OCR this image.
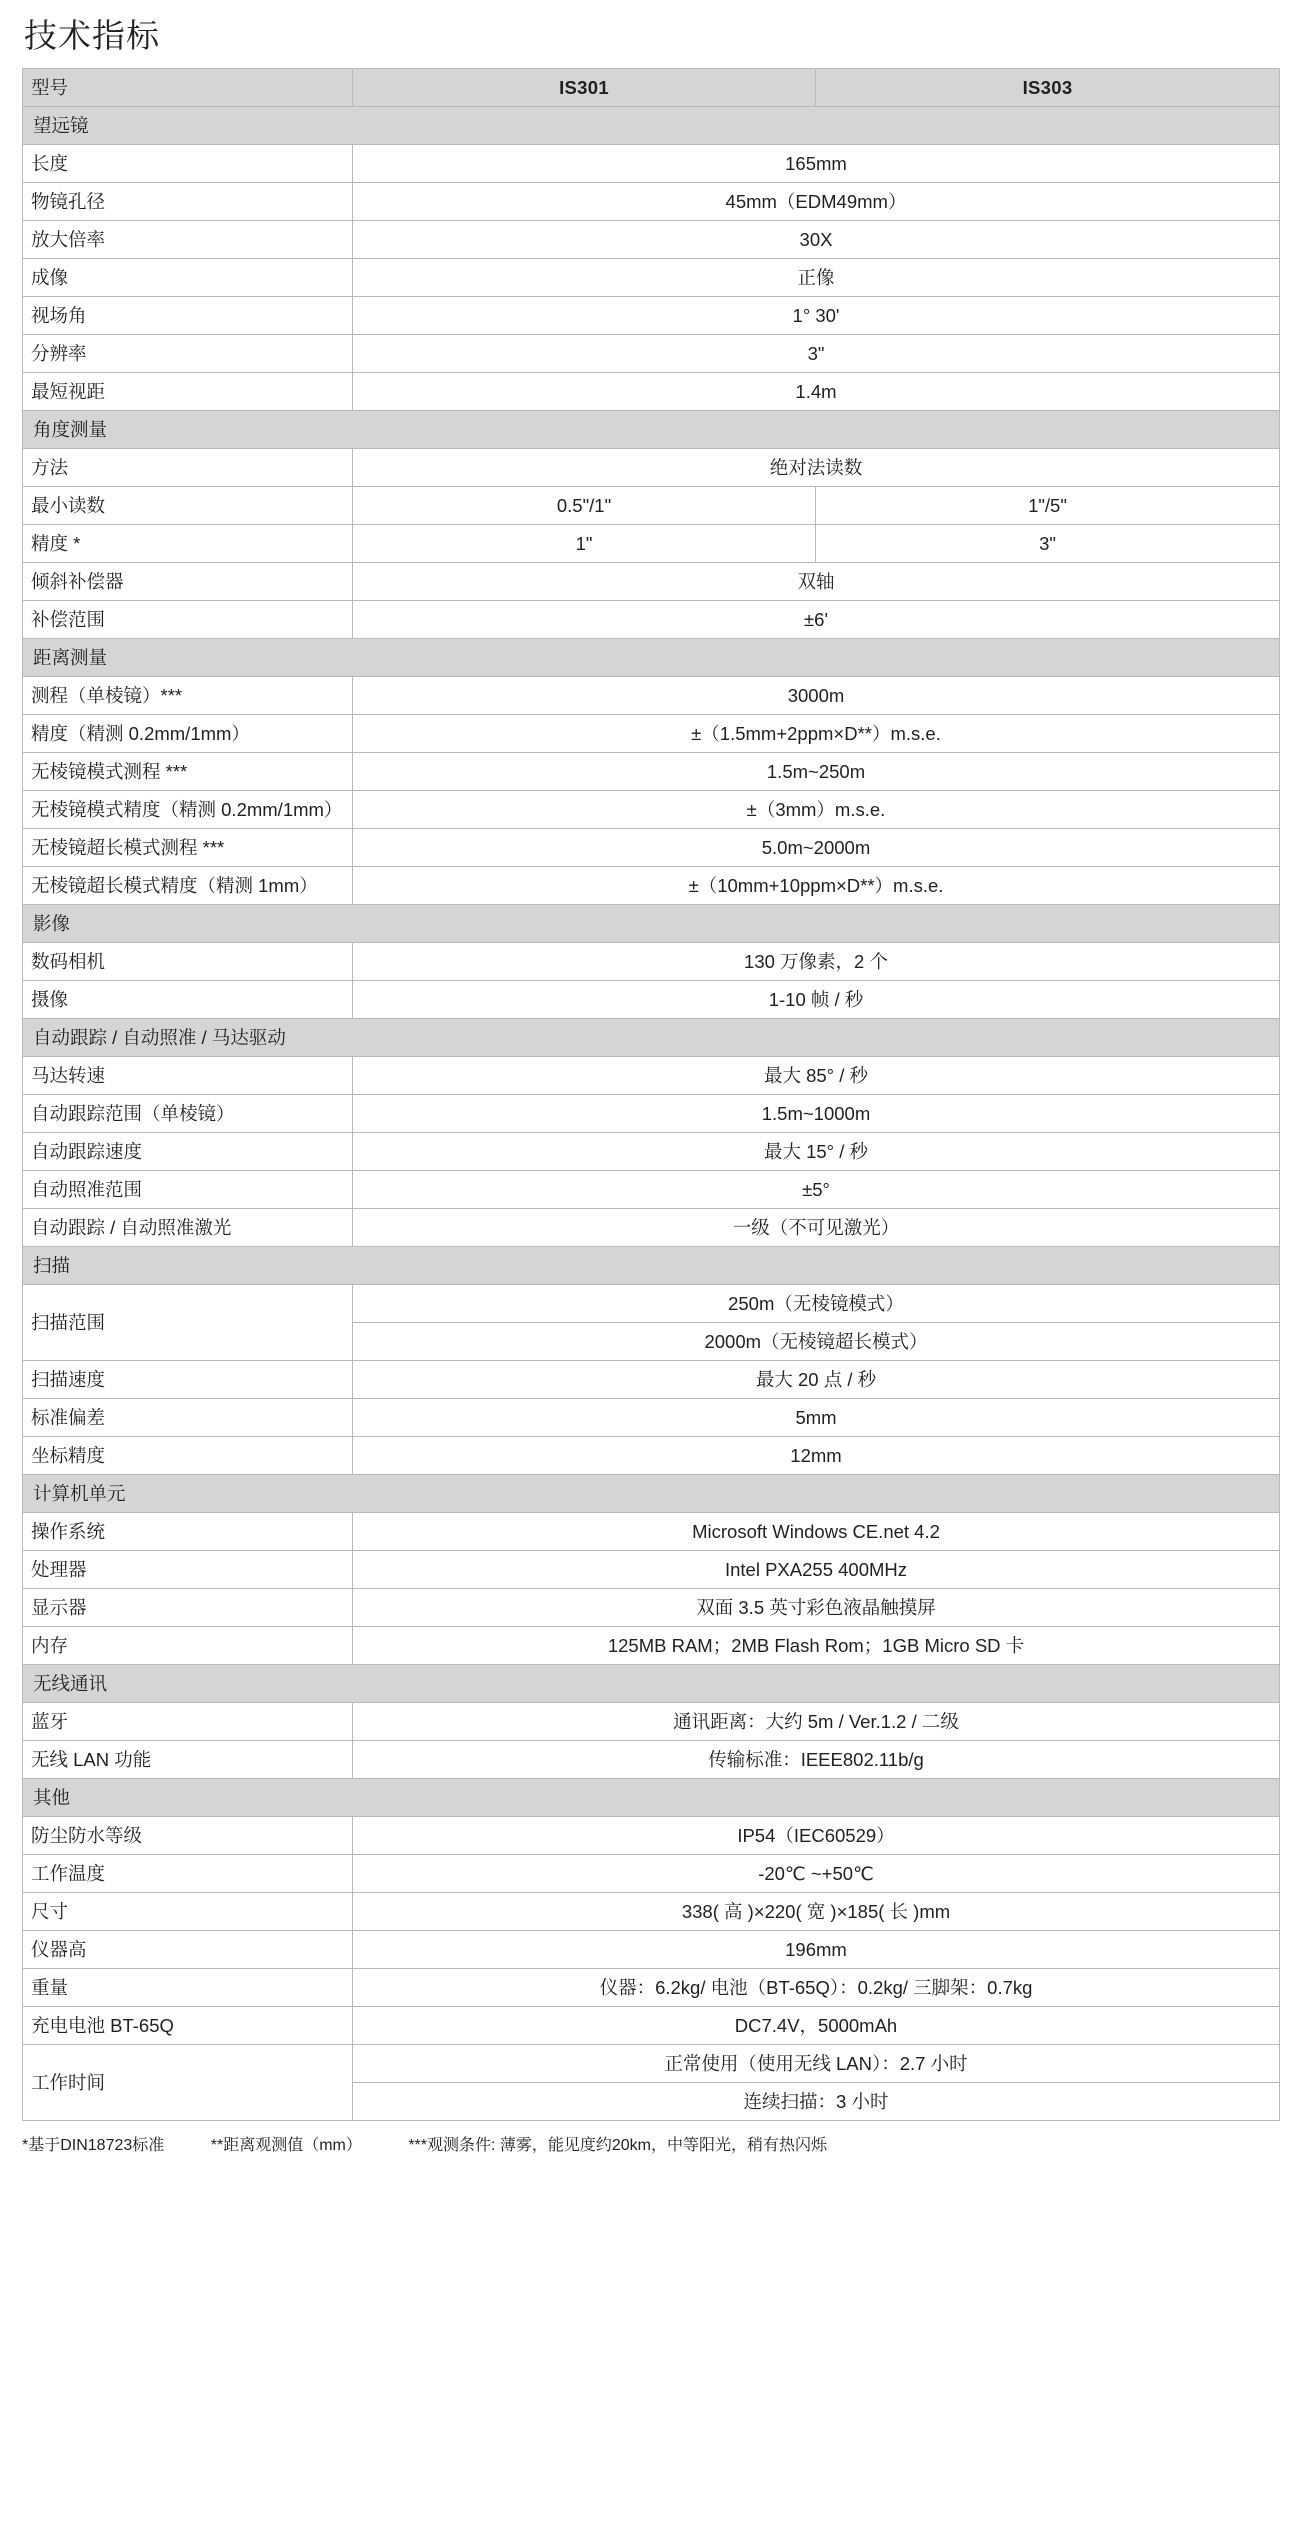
技术指标
型号	IS301	IS303
望远镜		
长度	165mm	
物镜孔径	45mm（EDM49mm）	
放大倍率	30X	
成像	正像	
视场角	1° 30'	
分辨率	3"	
最短视距	1.4m	
角度测量		
方法	绝对法读数	
最小读数	0.5"/1"	1"/5"
精度 *	1"	3"
倾斜补偿器	双轴	
补偿范围	±6'	
距离测量		
测程（单棱镜）***	3000m	
精度（精测 0.2mm/1mm）	±（1.5mm+2ppm×D**）m.s.e.	
无棱镜模式测程 ***	1.5m~250m	
无棱镜模式精度（精测 0.2mm/1mm）	±（3mm）m.s.e.	
无棱镜超长模式测程 ***	5.0m~2000m	
无棱镜超长模式精度（精测 1mm）	±（10mm+10ppm×D**）m.s.e.	
影像		
数码相机	130 万像素，2 个	
摄像	1-10 帧 / 秒	
自动跟踪 / 自动照准 / 马达驱动		
马达转速	最大 85° / 秒	
自动跟踪范围（单棱镜）	1.5m~1000m	
自动跟踪速度	最大 15° / 秒	
自动照准范围	±5°	
自动跟踪 / 自动照准激光	一级（不可见激光）	
扫描		
扫描范围	250m（无棱镜模式）	
	2000m（无棱镜超长模式）	
扫描速度	最大 20 点 / 秒	
标准偏差	5mm	
坐标精度	12mm	
计算机单元		
操作系统	Microsoft Windows CE.net 4.2	
处理器	Intel PXA255 400MHz	
显示器	双面 3.5 英寸彩色液晶触摸屏	
内存	125MB RAM；2MB Flash Rom；1GB Micro SD 卡	
无线通讯		
蓝牙	通讯距离：大约 5m / Ver.1.2 / 二级	
无线 LAN 功能	传输标准：IEEE802.11b/g	
其他		
防尘防水等级	IP54（IEC60529）	
工作温度	-20℃ ~+50℃	
尺寸	338( 高 )×220( 宽 )×185( 长 )mm	
仪器高	196mm	
重量	仪器：6.2kg/ 电池（BT-65Q）：0.2kg/ 三脚架：0.7kg	
充电电池 BT-65Q	DC7.4V，5000mAh	
工作时间	正常使用（使用无线 LAN）：2.7 小时	
	连续扫描：3 小时	
*基于DIN18723标准	**距离观测值（mm）	***观测条件: 薄雾，能见度约20km，中等阳光，稍有热闪烁
